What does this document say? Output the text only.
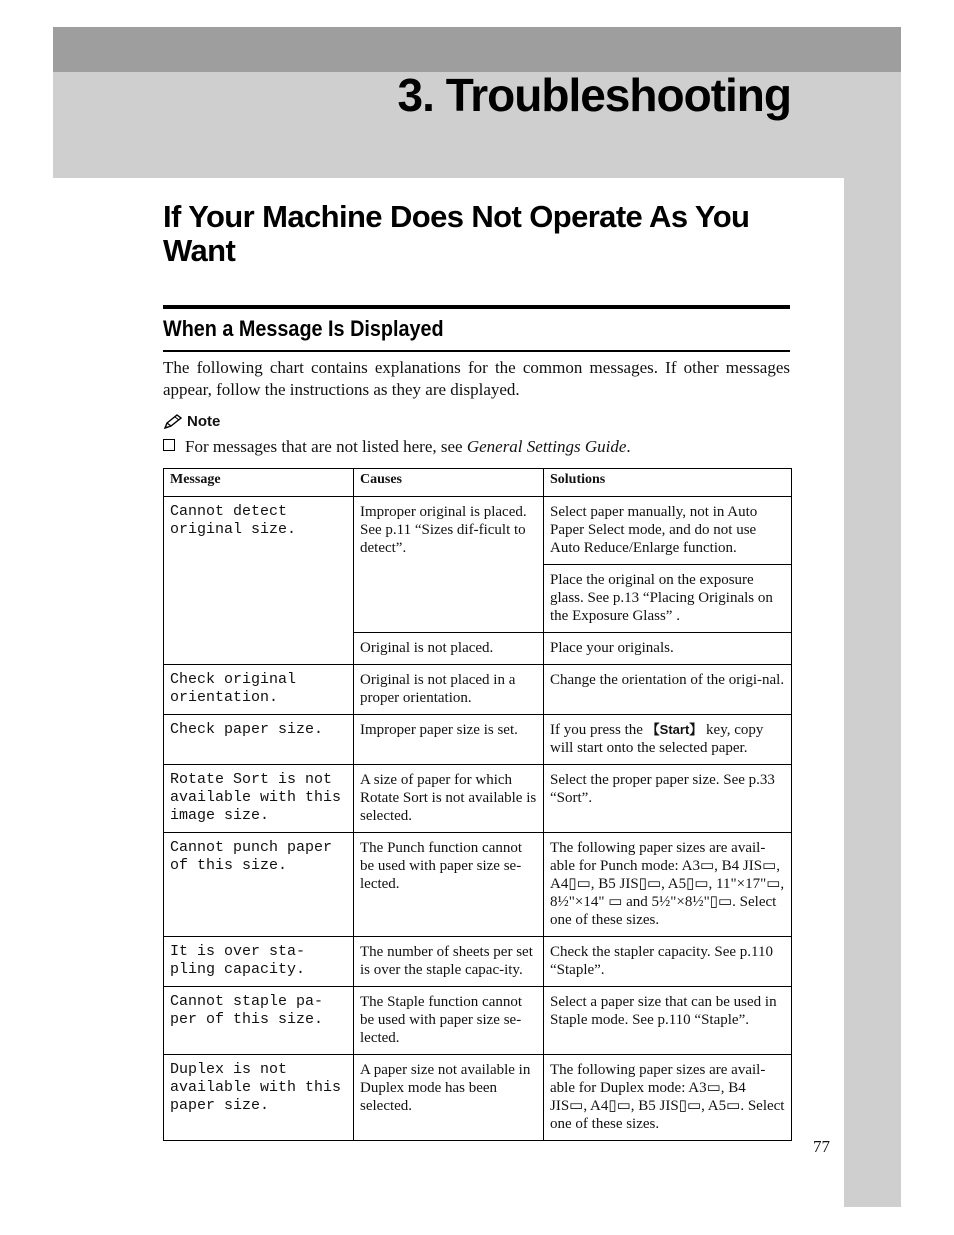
3. Troubleshooting
If Your Machine Does Not Operate As You Want
When a Message Is Displayed

The following chart contains explanations for the common messages. If other messages appear, follow the instructions as they are displayed.

Note
For messages that are not listed here, see General Settings Guide.
Message	Causes	Solutions
Cannot detect original size.	Improper original is placed. See p.11 “Sizes dif-ficult to detect”.	Select paper manually, not in Auto Paper Select mode, and do not use Auto Reduce/Enlarge function.
		Place the original on the exposure glass. See p.13 “Placing Originals on the Exposure Glass” .
	Original is not placed.	Place your originals.
Check original orientation.	Original is not placed in a proper orientation.	Change the orientation of the origi-nal.
Check paper size.	Improper paper size is set.	If you press the 【Start】 key, copy will start onto the selected paper.
Rotate Sort is not available with this image size.	A size of paper for which Rotate Sort is not available is selected.	Select the proper paper size. See p.33 “Sort”.
Cannot punch paper of this size.	The Punch function cannot be used with paper size se-lected.	The following paper sizes are avail-able for Punch mode: A3▭, B4 JIS▭, A4▯▭, B5 JIS▯▭, A5▯▭, 11"×17"▭, 8½"×14" ▭ and 5½"×8½"▯▭. Select one of these sizes.
It is over sta-pling capacity.	The number of sheets per set is over the staple capac-ity.	Check the stapler capacity. See p.110 “Staple”.
Cannot staple pa-per of this size.	The Staple function cannot be used with paper size se-lected.	Select a paper size that can be used in Staple mode. See p.110 “Staple”.
Duplex is not available with this paper size.	A paper size not available in Duplex mode has been selected.	The following paper sizes are avail-able for Duplex mode: A3▭, B4 JIS▭, A4▯▭, B5 JIS▯▭, A5▭. Select one of these sizes.
77
